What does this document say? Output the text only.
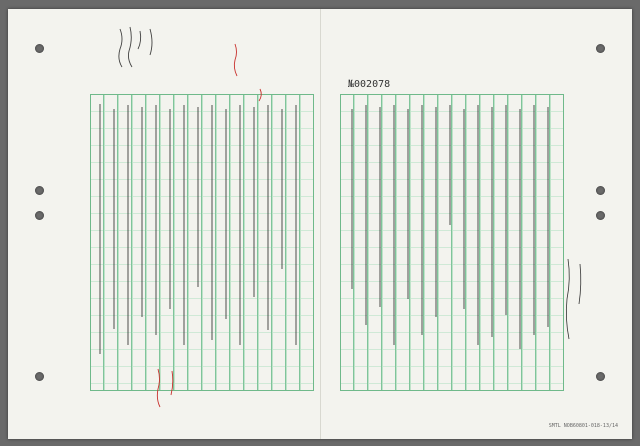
№002078
SMTL NOB60801-018-13/14
